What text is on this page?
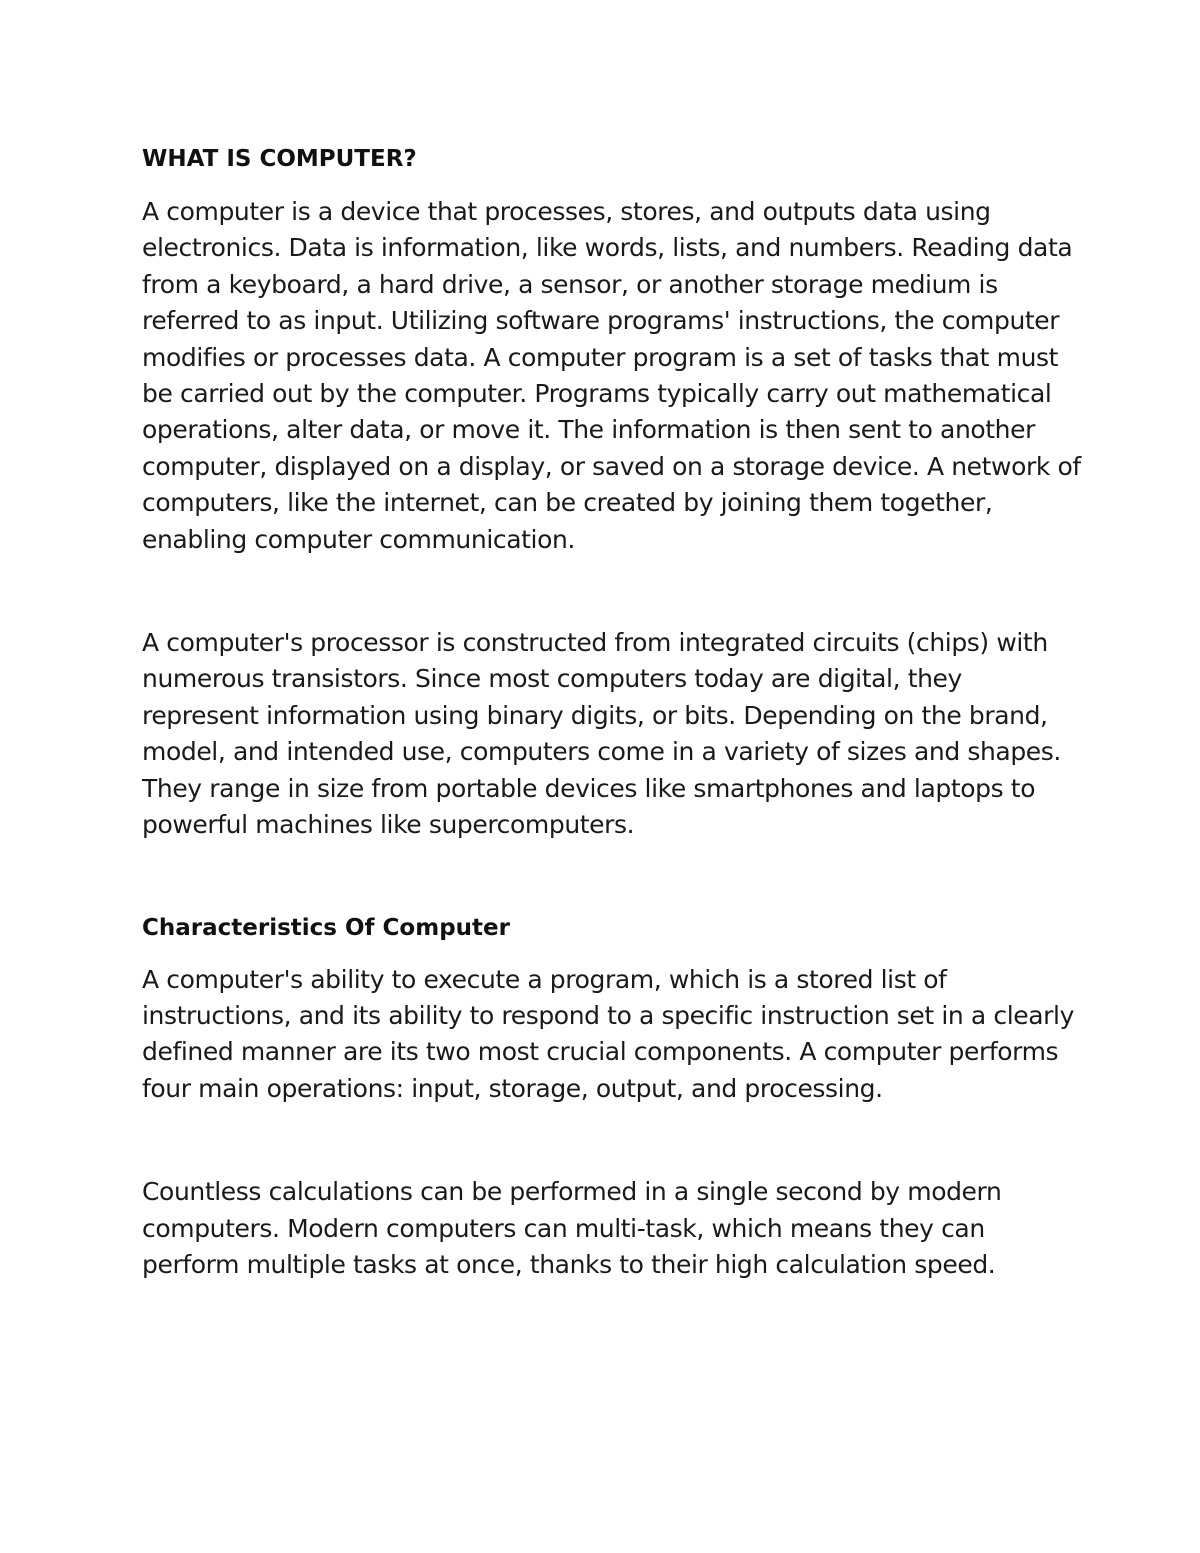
WHAT IS COMPUTER?

A computer is a device that processes, stores, and outputs data using electronics. Data is information, like words, lists, and numbers. Reading data from a keyboard, a hard drive, a sensor, or another storage medium is referred to as input. Utilizing software programs' instructions, the computer modifies or processes data. A computer program is a set of tasks that must be carried out by the computer. Programs typically carry out mathematical operations, alter data, or move it. The information is then sent to another computer, displayed on a display, or saved on a storage device. A network of computers, like the internet, can be created by joining them together, enabling computer communication.

A computer's processor is constructed from integrated circuits (chips) with numerous transistors. Since most computers today are digital, they represent information using binary digits, or bits. Depending on the brand, model, and intended use, computers come in a variety of sizes and shapes. They range in size from portable devices like smartphones and laptops to powerful machines like supercomputers.

Characteristics Of Computer

A computer's ability to execute a program, which is a stored list of instructions, and its ability to respond to a specific instruction set in a clearly defined manner are its two most crucial components. A computer performs four main operations: input, storage, output, and processing.

Countless calculations can be performed in a single second by modern computers. Modern computers can multi-task, which means they can perform multiple tasks at once, thanks to their high calculation speed.
